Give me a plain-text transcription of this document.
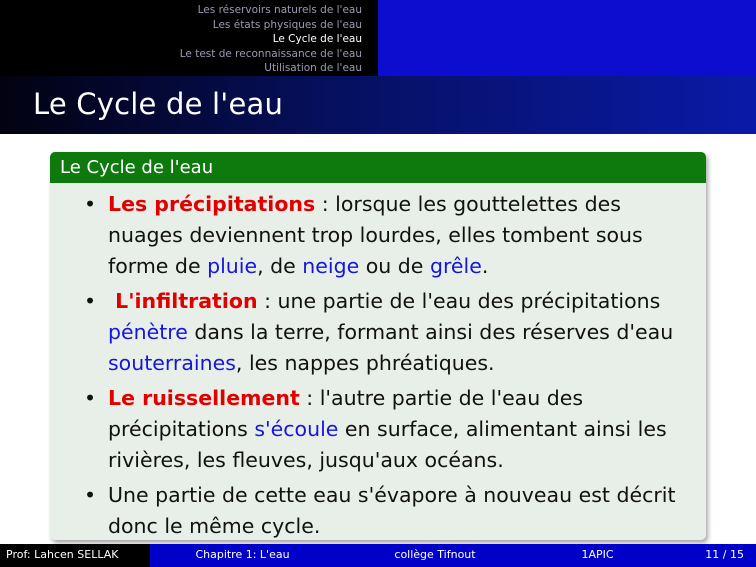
Les réservoirs naturels de l'eau
Les états physiques de l'eau
Le Cycle de l'eau
Le test de reconnaissance de l'eau
Utilisation de l'eau
Le Cycle de l'eau
Le Cycle de l'eau
• Les précipitations : lorsque les gouttelettes des nuages deviennent trop lourdes, elles tombent sous forme de pluie, de neige ou de grêle.
• L'infiltration : une partie de l'eau des précipitations pénètre dans la terre, formant ainsi des réserves d'eau souterraines, les nappes phréatiques.
• Le ruissellement : l'autre partie de l'eau des précipitations s'écoule en surface, alimentant ainsi les rivières, les fleuves, jusqu'aux océans.
• Une partie de cette eau s'évapore à nouveau est décrit donc le même cycle.
Prof: Lahcen SELLAK	Chapitre 1: L'eau	collège Tifnout	1APIC	11 / 15
